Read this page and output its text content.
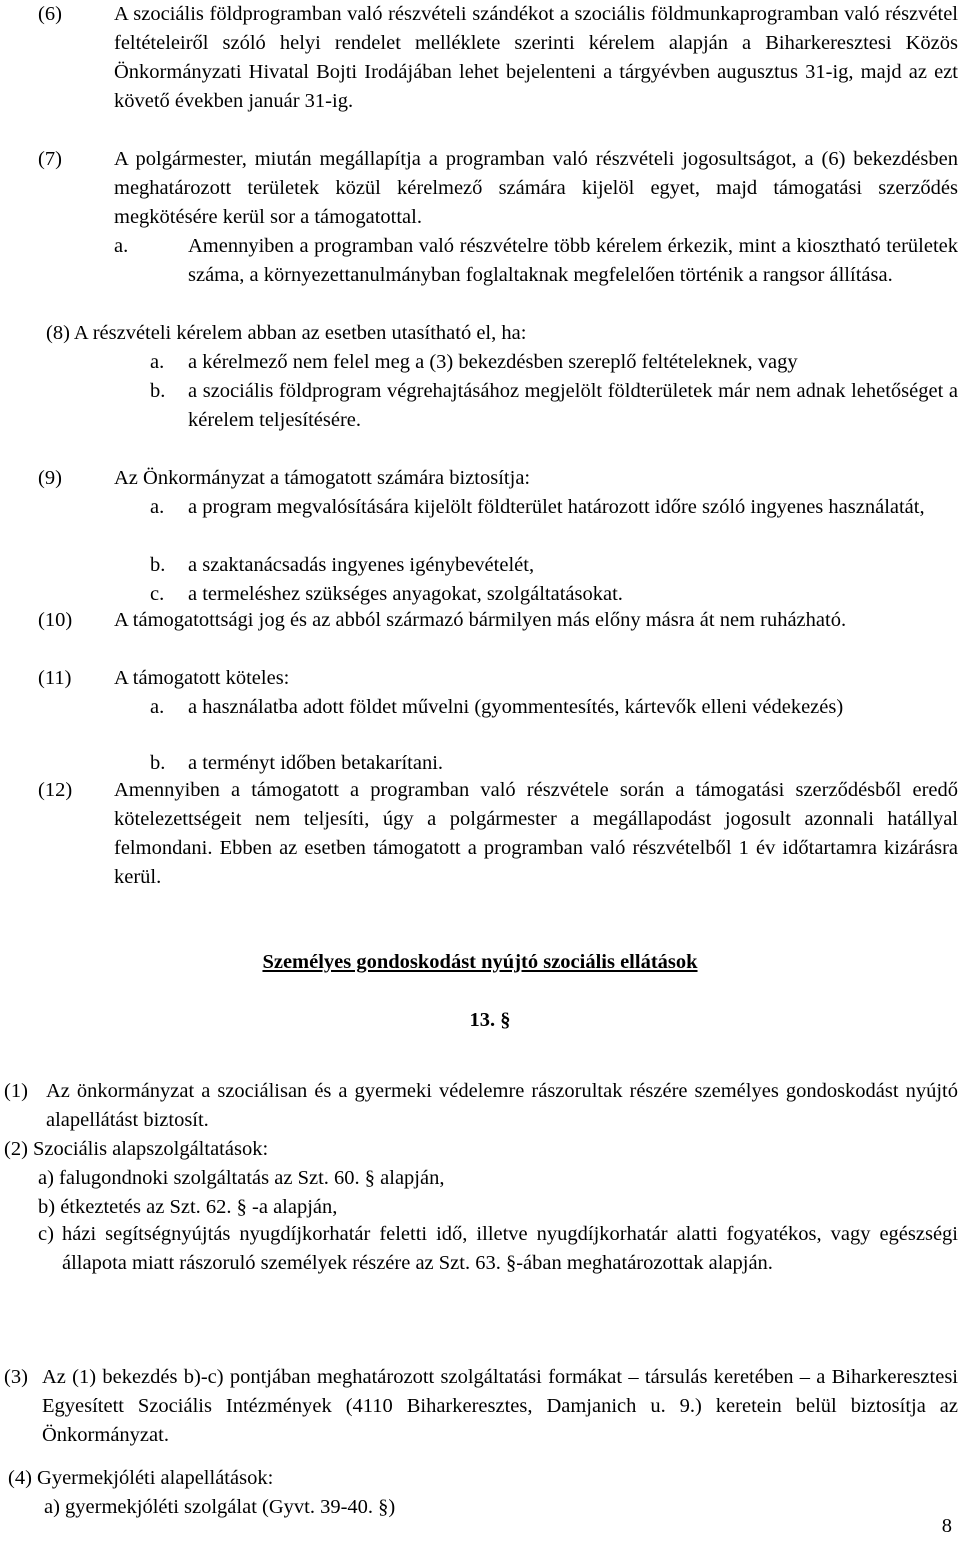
(6)	A szociális földprogramban való részvételi szándékot a szociális földmunkaprogramban való részvétel feltételeiről szóló helyi rendelet melléklete szerinti kérelem alapján a Biharkeresztesi Közös Önkormányzati Hivatal Bojti Irodájában lehet bejelenteni a tárgyévben augusztus 31-ig, majd az ezt követő években január 31-ig.
(7)	A polgármester, miután megállapítja a programban való részvételi jogosultságot, a (6) bekezdésben meghatározott területek közül kérelmező számára kijelöl egyet, majd támogatási szerződés megkötésére kerül sor a támogatottal.
a.	Amennyiben a programban való részvételre több kérelem érkezik, mint a kiosztható területek száma, a környezettanulmányban foglaltaknak megfelelően történik a rangsor állítása.
(8) A részvételi kérelem abban az esetben utasítható el, ha:
a. a kérelmező nem felel meg a (3) bekezdésben szereplő feltételeknek, vagy
b. a szociális földprogram végrehajtásához megjelölt földterületek már nem adnak lehetőséget a kérelem teljesítésére.
(9)	Az Önkormányzat a támogatott számára biztosítja:
a. a program megvalósítására kijelölt földterület határozott időre szóló ingyenes használatát,
b. a szaktanácsadás ingyenes igénybevételét,
c. a termeléshez szükséges anyagokat, szolgáltatásokat.
(10) A támogatottsági jog és az abból származó bármilyen más előny másra át nem ruházható.
(11) A támogatott köteles:
a. a használatba adott földet művelni (gyommentesítés, kártevők elleni védekezés)
b. a terményt időben betakarítani.
(12) Amennyiben a támogatott a programban való részvétele során a támogatási szerződésből eredő kötelezettségeit nem teljesíti, úgy a polgármester a megállapodást jogosult azonnali hatállyal felmondani. Ebben az esetben támogatott a programban való részvételből 1 év időtartamra kizárásra kerül.
Személyes gondoskodást nyújtó szociális ellátások
13. §
(1) Az önkormányzat a szociálisan és a gyermeki védelemre rászorultak részére személyes gondoskodást nyújtó alapellátást biztosít.
(2) Szociális alapszolgáltatások:
a) falugondnoki szolgáltatás az Szt. 60. § alapján,
b) étkeztetés az Szt. 62. § -a alapján,
c) házi segítségnyújtás nyugdíjkorhatár feletti idő, illetve nyugdíjkorhatár alatti fogyatékos, vagy egészségi állapota miatt rászoruló személyek részére az Szt. 63. §-ában meghatározottak alapján.
(3) Az (1) bekezdés b)-c) pontjában meghatározott szolgáltatási formákat – társulás keretében – a Biharkeresztesi Egyesített Szociális Intézmények (4110 Biharkeresztes, Damjanich u. 9.) keretein belül biztosítja az Önkormányzat.
(4) Gyermekjóléti alapellátások:
a) gyermekjóléti szolgálat (Gyvt. 39-40. §)
8
